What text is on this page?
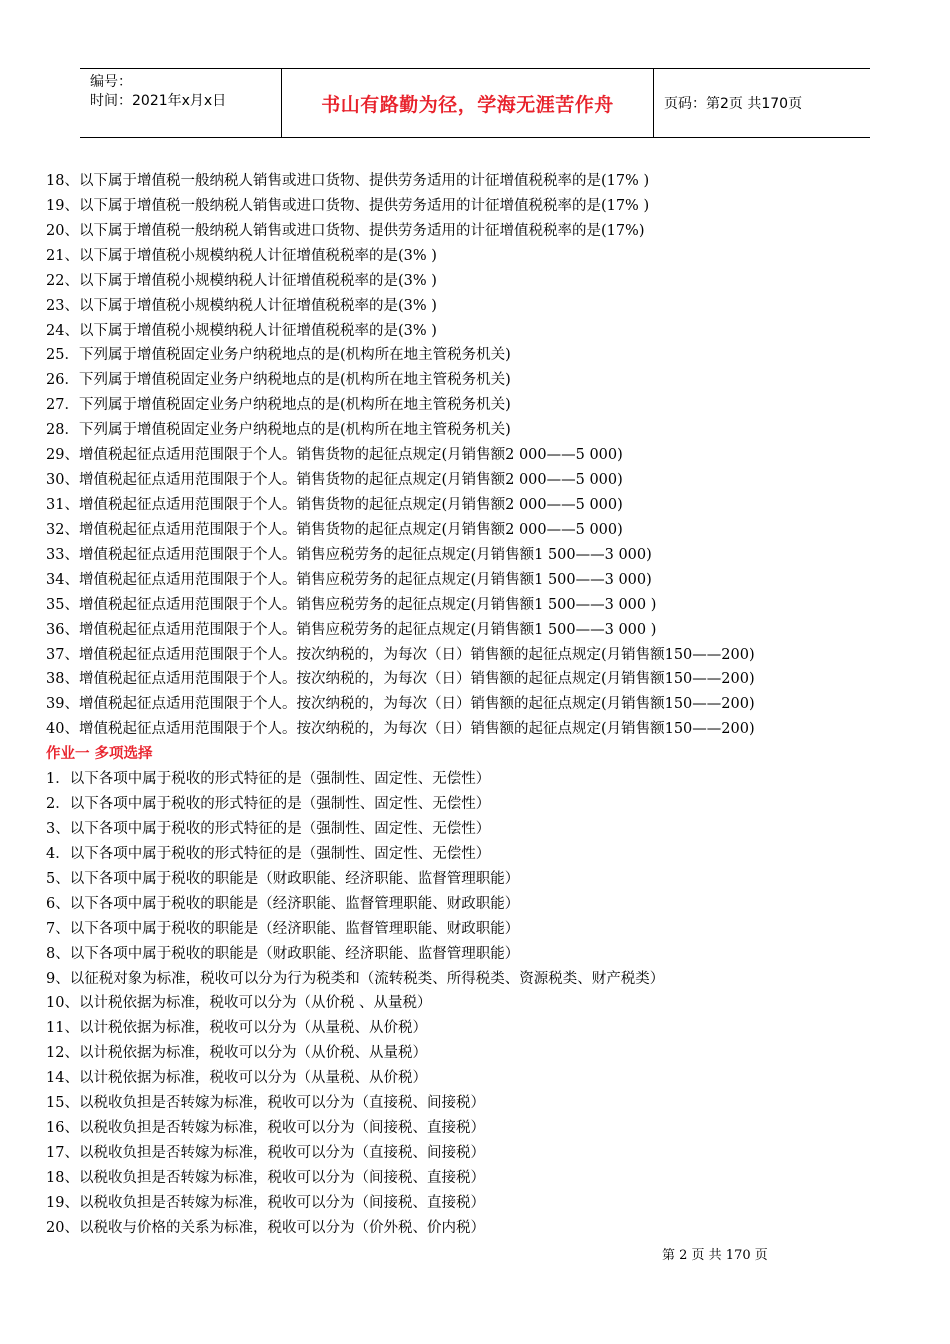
编号：
时间：2021年x月x日	书山有路勤为径，学海无涯苦作舟	页码：第2页 共170页
18、以下属于增值税一般纳税人销售或进口货物、提供劳务适用的计征增值税税率的是(17% )
19、以下属于增值税一般纳税人销售或进口货物、提供劳务适用的计征增值税税率的是(17% )
20、以下属于增值税一般纳税人销售或进口货物、提供劳务适用的计征增值税税率的是(17%)
21、以下属于增值税小规模纳税人计征增值税税率的是(3% )
22、以下属于增值税小规模纳税人计征增值税税率的是(3% )
23、以下属于增值税小规模纳税人计征增值税税率的是(3% )
24、以下属于增值税小规模纳税人计征增值税税率的是(3% )
25．下列属于增值税固定业务户纳税地点的是(机构所在地主管税务机关)
26．下列属于增值税固定业务户纳税地点的是(机构所在地主管税务机关)
27．下列属于增值税固定业务户纳税地点的是(机构所在地主管税务机关)
28．下列属于增值税固定业务户纳税地点的是(机构所在地主管税务机关)
29、增值税起征点适用范围限于个人。销售货物的起征点规定(月销售额2 000——5 000)
30、增值税起征点适用范围限于个人。销售货物的起征点规定(月销售额2 000——5 000)
31、增值税起征点适用范围限于个人。销售货物的起征点规定(月销售额2 000——5 000)
32、增值税起征点适用范围限于个人。销售货物的起征点规定(月销售额2 000——5 000)
33、增值税起征点适用范围限于个人。销售应税劳务的起征点规定(月销售额1 500——3 000)
34、增值税起征点适用范围限于个人。销售应税劳务的起征点规定(月销售额1 500——3 000)
35、增值税起征点适用范围限于个人。销售应税劳务的起征点规定(月销售额1 500——3 000 )
36、增值税起征点适用范围限于个人。销售应税劳务的起征点规定(月销售额1 500——3 000 )
37、增值税起征点适用范围限于个人。按次纳税的，为每次（日）销售额的起征点规定(月销售额150——200)
38、增值税起征点适用范围限于个人。按次纳税的，为每次（日）销售额的起征点规定(月销售额150——200)
39、增值税起征点适用范围限于个人。按次纳税的，为每次（日）销售额的起征点规定(月销售额150——200)
40、增值税起征点适用范围限于个人。按次纳税的，为每次（日）销售额的起征点规定(月销售额150——200)
作业一 多项选择
1．以下各项中属于税收的形式特征的是（强制性、固定性、无偿性）
2．以下各项中属于税收的形式特征的是（强制性、固定性、无偿性）
3、以下各项中属于税收的形式特征的是（强制性、固定性、无偿性）
4．以下各项中属于税收的形式特征的是（强制性、固定性、无偿性）
5、以下各项中属于税收的职能是（财政职能、经济职能、监督管理职能）
6、以下各项中属于税收的职能是（经济职能、监督管理职能、财政职能）
7、以下各项中属于税收的职能是（经济职能、监督管理职能、财政职能）
8、以下各项中属于税收的职能是（财政职能、经济职能、监督管理职能）
9、以征税对象为标准，税收可以分为行为税类和（流转税类、所得税类、资源税类、财产税类）
10、以计税依据为标准，税收可以分为（从价税 、从量税）
11、以计税依据为标准，税收可以分为（从量税、从价税）
12、以计税依据为标准，税收可以分为（从价税、从量税）
14、以计税依据为标准，税收可以分为（从量税、从价税）
15、以税收负担是否转嫁为标准，税收可以分为（直接税、间接税）
16、以税收负担是否转嫁为标准，税收可以分为（间接税、直接税）
17、以税收负担是否转嫁为标准，税收可以分为（直接税、间接税）
18、以税收负担是否转嫁为标准，税收可以分为（间接税、直接税）
19、以税收负担是否转嫁为标准，税收可以分为（间接税、直接税）
20、以税收与价格的关系为标准，税收可以分为（价外税、价内税）
第 2 页 共 170 页
